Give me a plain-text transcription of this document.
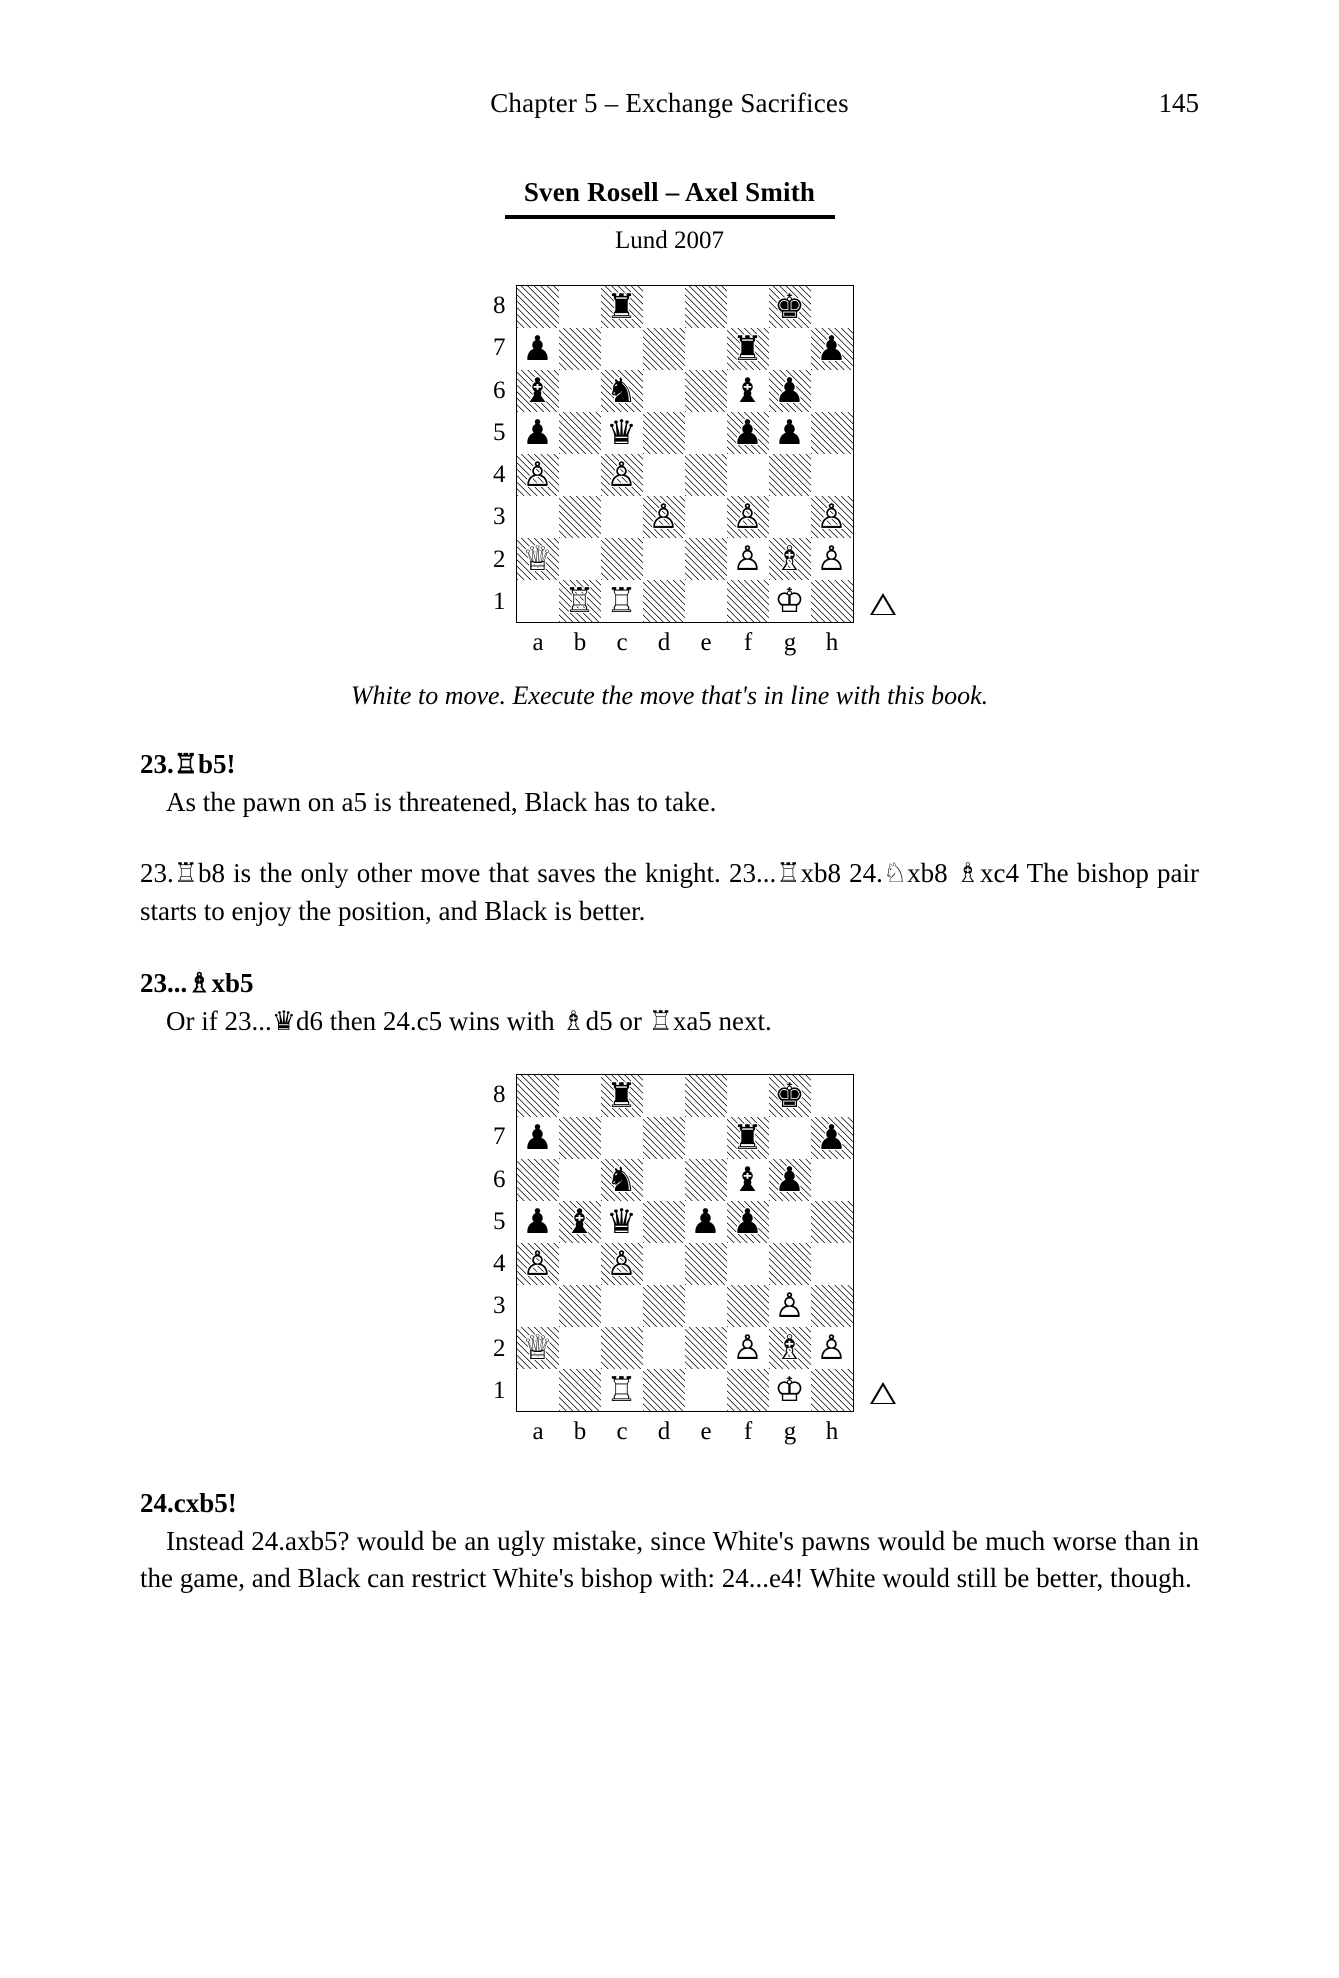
Chapter 5 – Exchange Sacrifices	145
Sven Rosell – Axel Smith
Lund 2007
8
7
6
5
4
3
2
1
♜	♚
♟	♜ ♟
♝ ♞	♝ ♟
♟ ♛	♟ ♟
♙ ♙
♙ ♙ ♙
♕	♙ ♗ ♙
♖ ♖	♔
a	b	c	d	e	f	g	h
White to move. Execute the move that's in line with this book.
23.♖b5!
As the pawn on a5 is threatened, Black has to take.
23.♖b8 is the only other move that saves the knight. 23...♖xb8 24.♘xb8 ♗xc4 The bishop pair starts to enjoy the position, and Black is better.
23...♗xb5
Or if 23...♛d6 then 24.c5 wins with ♗d5 or ♖xa5 next.
8
7
6
5
4
3
2
1
♜	♚
♟	♜ ♟
♞	♝ ♟
♟ ♝ ♛ ♟ ♟
♙ ♙
♙
♕	♙ ♗ ♙
♖	♔
a	b	c	d	e	f	g	h
24.cxb5!
Instead 24.axb5? would be an ugly mistake, since White's pawns would be much worse than in the game, and Black can restrict White's bishop with: 24...e4! White would still be better, though.
